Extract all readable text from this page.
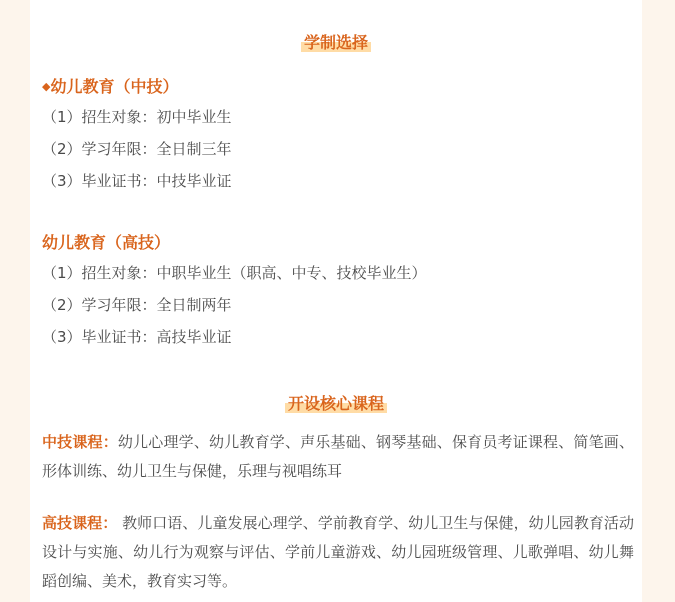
学制选择
◆幼儿教育（中技）
（1）招生对象：初中毕业生
（2）学习年限：全日制三年
（3）毕业证书：中技毕业证
幼儿教育（高技）
（1）招生对象：中职毕业生（职高、中专、技校毕业生）
（2）学习年限：全日制两年
（3）毕业证书：高技毕业证
开设核心课程
中技课程：幼儿心理学、幼儿教育学、声乐基础、钢琴基础、保育员考证课程、简笔画、形体训练、幼儿卫生与保健，乐理与视唱练耳
高技课程： 教师口语、儿童发展心理学、学前教育学、幼儿卫生与保健，幼儿园教育活动设计与实施、幼儿行为观察与评估、学前儿童游戏、幼儿园班级管理、儿歌弹唱、幼儿舞蹈创编、美术，教育实习等。
